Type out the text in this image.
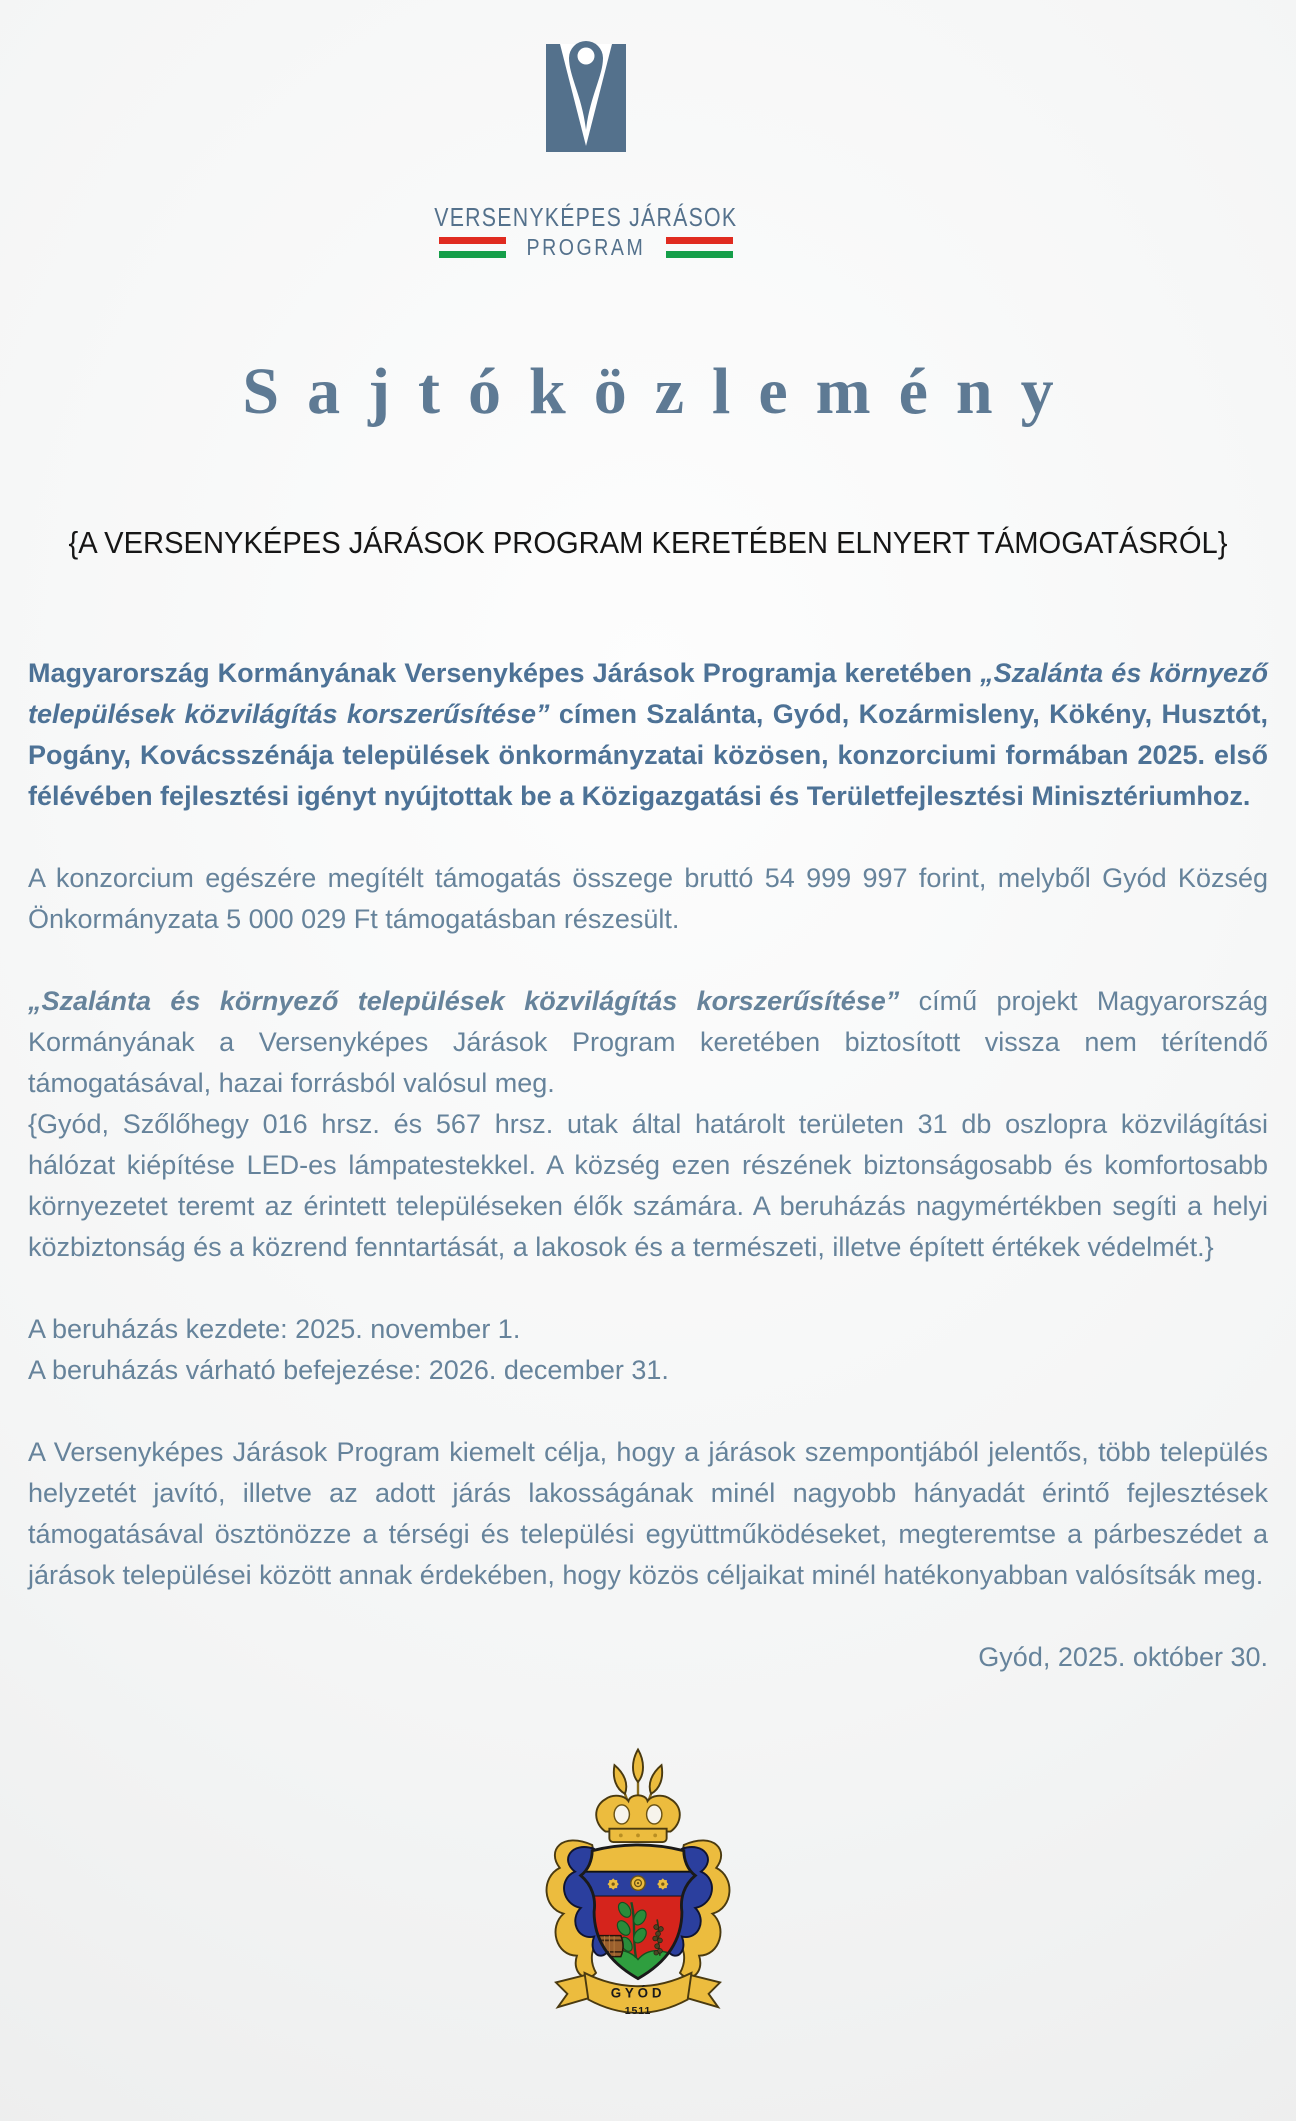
VERSENYKÉPES JÁRÁSOK
PROGRAM
Sajtóközlemény
{A VERSENYKÉPES JÁRÁSOK PROGRAM KERETÉBEN ELNYERT TÁMOGATÁSRÓL}

Magyarország Kormányának Versenyképes Járások Programja keretében „Szalánta és környező települések közvilágítás korszerűsítése” címen Szalánta, Gyód, Kozármisleny, Kökény, Husztót, Pogány, Kovácsszénája települések önkormányzatai közösen, konzorciumi formában 2025. első félévében fejlesztési igényt nyújtottak be a Közigazgatási és Területfejlesztési Minisztériumhoz.

A konzorcium egészére megítélt támogatás összege bruttó 54 999 997 forint, melyből Gyód Község Önkormányzata 5 000 029 Ft támogatásban részesült.

„Szalánta és környező települések közvilágítás korszerűsítése” című projekt Magyarország Kormányának a Versenyképes Járások Program keretében biztosított vissza nem térítendő támogatásával, hazai forrásból valósul meg.

{Gyód, Szőlőhegy 016 hrsz. és 567 hrsz. utak által határolt területen 31 db oszlopra közvilágítási hálózat kiépítése LED-es lámpatestekkel. A község ezen részének biztonságosabb és komfortosabb környezetet teremt az érintett településeken élők számára. A beruházás nagymértékben segíti a helyi közbiztonság és a közrend fenntartását, a lakosok és a természeti, illetve épített értékek védelmét.}

A beruházás kezdete: 2025. november 1.

A beruházás várható befejezése: 2026. december 31.

A Versenyképes Járások Program kiemelt célja, hogy a járások szempontjából jelentős, több település helyzetét javító, illetve az adott járás lakosságának minél nagyobb hányadát érintő fejlesztések támogatásával ösztönözze a térségi és települési együttműködéseket, megteremtse a párbeszédet a járások települései között annak érdekében, hogy közös céljaikat minél hatékonyabban valósítsák meg.

Gyód, 2025. október 30.

GYÓD
1511
